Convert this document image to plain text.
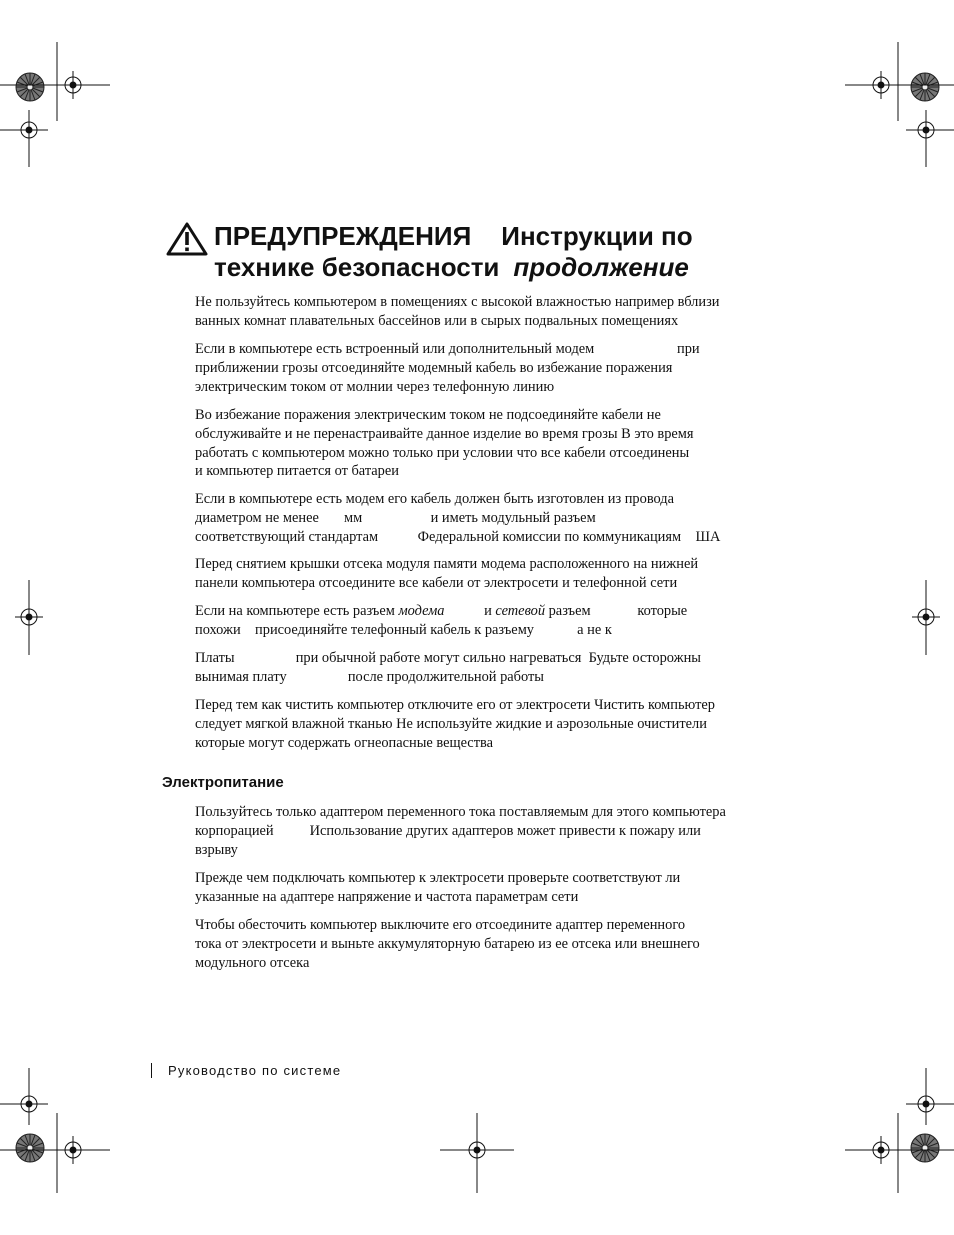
ПРЕДУПРЕЖДЕНИЯ Инструкции по
технике безопасности продолжение

Не пользуйтесь компьютером в помещениях с высокой влажностью например вблизи
ванных комнат плавательных бассейнов или в сырых подвальных помещениях

Если в компьютере есть встроенный или дополнительный модем                       при
приближении грозы отсоединяйте модемный кабель во избежание поражения
электрическим током от молнии через телефонную линию

Во избежание поражения электрическим током не подсоединяйте кабели не
обслуживайте и не перенастраивайте данное изделие во время грозы В это время
работать с компьютером можно только при условии что все кабели отсоединены
и компьютер питается от батареи

Если в компьютере есть модем его кабель должен быть изготовлен из провода
диаметром не менее       мм                   и иметь модульный разъем
соответствующий стандартам           Федеральной комиссии по коммуникациям    ША

Перед снятием крышки отсека модуля памяти модема расположенного на нижней
панели компьютера отсоедините все кабели от электросети и телефонной сети

Если на компьютере есть разъем модема           и сетевой разъем             которые
похожи    присоединяйте телефонный кабель к разъему            а не к

Платы                 при обычной работе могут сильно нагреваться  Будьте осторожны
вынимая плату                 после продолжительной работы

Перед тем как чистить компьютер отключите его от электросети Чистить компьютер
следует мягкой влажной тканью Не используйте жидкие и аэрозольные очистители
которые могут содержать огнеопасные вещества

Электропитание

Пользуйтесь только адаптером переменного тока поставляемым для этого компьютера
корпорацией          Использование других адаптеров может привести к пожару или
взрыву

Прежде чем подключать компьютер к электросети проверьте соответствуют ли
указанные на адаптере напряжение и частота параметрам сети

Чтобы обесточить компьютер выключите его отсоедините адаптер переменного
тока от электросети и выньте аккумуляторную батарею из ее отсека или внешнего
модульного отсека

Руководство по системе
